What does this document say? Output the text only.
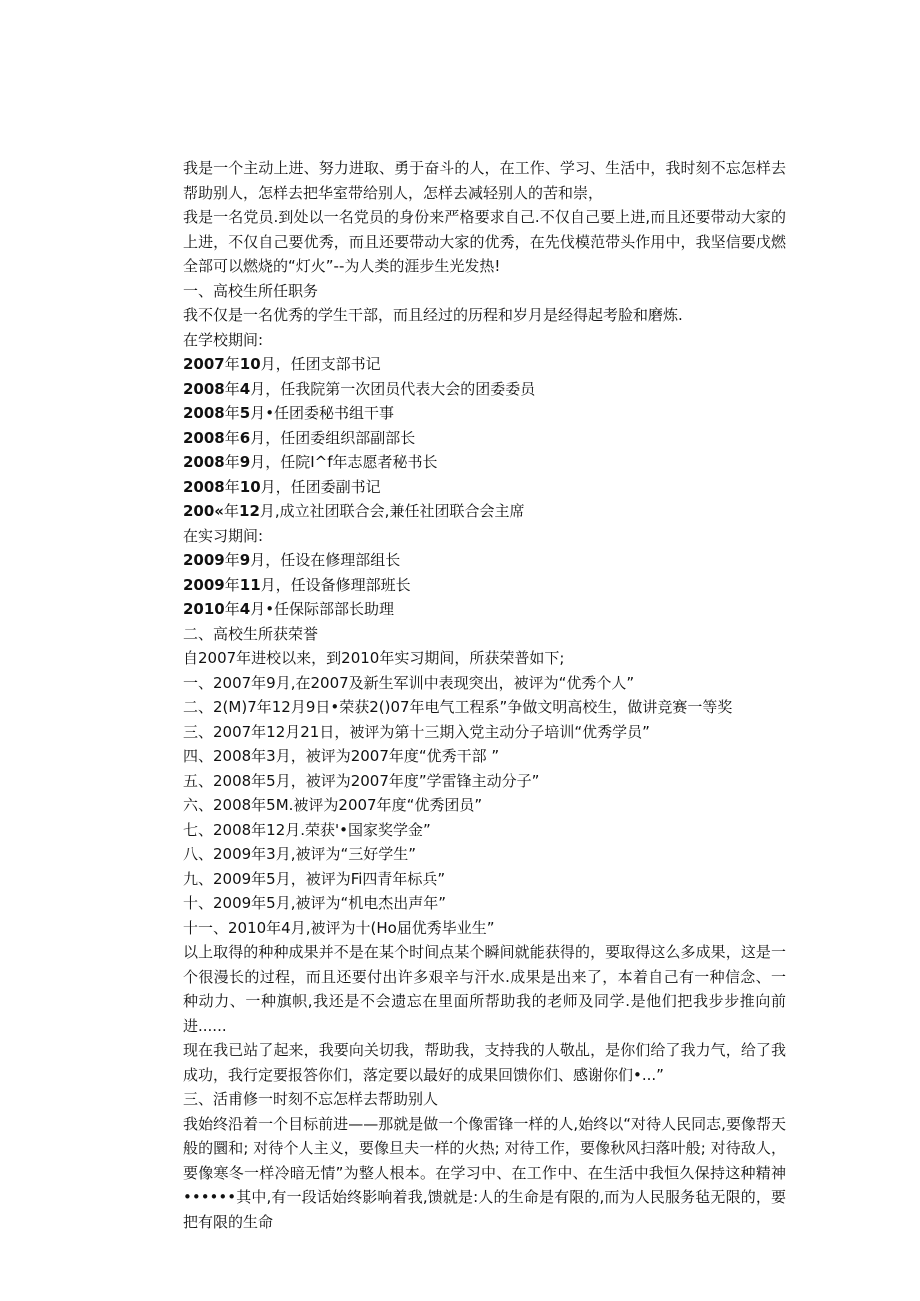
我是一个主动上进、努力进取、勇于奋斗的人，在工作、学习、生活中，我时刻不忘怎样去帮助别人，怎样去把华室带给别人，怎样去减轻别人的苦和崇，

我是一名党员.到处以一名党员的身份来严格要求自己.不仅自己要上进,而且还要带动大家的上进，不仅自己要优秀，而且还要带动大家的优秀，在先伐模范带头作用中，我坚信要戊燃全部可以燃烧的“灯火”--为人类的涯步生光发热!

一、高校生所任职务

我不仅是一名优秀的学生干部，而且经过的历程和岁月是经得起考脸和磨炼.

在学校期间:

2007年10月，任团支部书记

2008年4月，任我院第一次团员代表大会的团委委员

2008年5月•任团委秘书组干事

2008年6月，任团委组织部副部长

2008年9月，任院I^f年志愿者秘书长

2008年10月，任团委副书记

200«年12月,成立社团联合会,兼任社团联合会主席

在实习期间:

2009年9月，任设在修理部组长

2009年11月，任设备修理部班长

2010年4月•任保际部部长助理

二、高校生所获荣誉

自2007年进校以来，到2010年实习期间，所获荣普如下;

一、2007年9月,在2007及新生军训中表现突出，被评为“优秀个人”

二、2(M)7年12月9日•荣获2()07年电气工程系”争做文明高校生，做讲竞赛一等奖

三、2007年12月21日，被评为第十三期入党主动分子培训“优秀学员”

四、2008年3月，被评为2007年度“优秀干部 ”

五、2008年5月，被评为2007年度”学雷锋主动分子”

六、2008年5M.被评为2007年度“优秀团员”

七、2008年12月.荣获'•国家奖学金”

八、2009年3月,被评为“三好学生”

九、2009年5月，被评为Fi四青年标兵”

十、2009年5月,被评为“机电杰出声年”

十一、2010年4月,被评为十(Ho届优秀毕业生”

以上取得的种种成果并不是在某个时间点某个瞬间就能获得的，要取得这么多成果，这是一个很漫长的过程，而且还要付出许多艰辛与汗水.成果是出来了，本着自己有一种信念、一种动力、一种旗帜,我还是不会遗忘在里面所帮助我的老师及同学.是他们把我步步推向前进......

现在我已站了起来，我要向关切我，帮助我，支持我的人敬乩，是你们给了我力气，给了我成功，我行定要报答你们，落定要以最好的成果回馈你们、感谢你们•...”

三、活甫修一时刻不忘怎样去帮助别人

我始终沿着一个目标前进——那就是做一个像雷锋一样的人,始终以“对待人民同志,要像帮天般的圜和; 对待个人主义，要像旦夫一样的火热; 对待工作，要像秋风扫落叶般; 对待敌人，要像寒冬一样冷暗无情”为整人根本。在学习中、在工作中、在生活中我恒久保持这种精神••••••其中,有一段话始终影响着我,馈就是:人的生命是有限的,而为人民服务毡无限的，要把有限的生命
